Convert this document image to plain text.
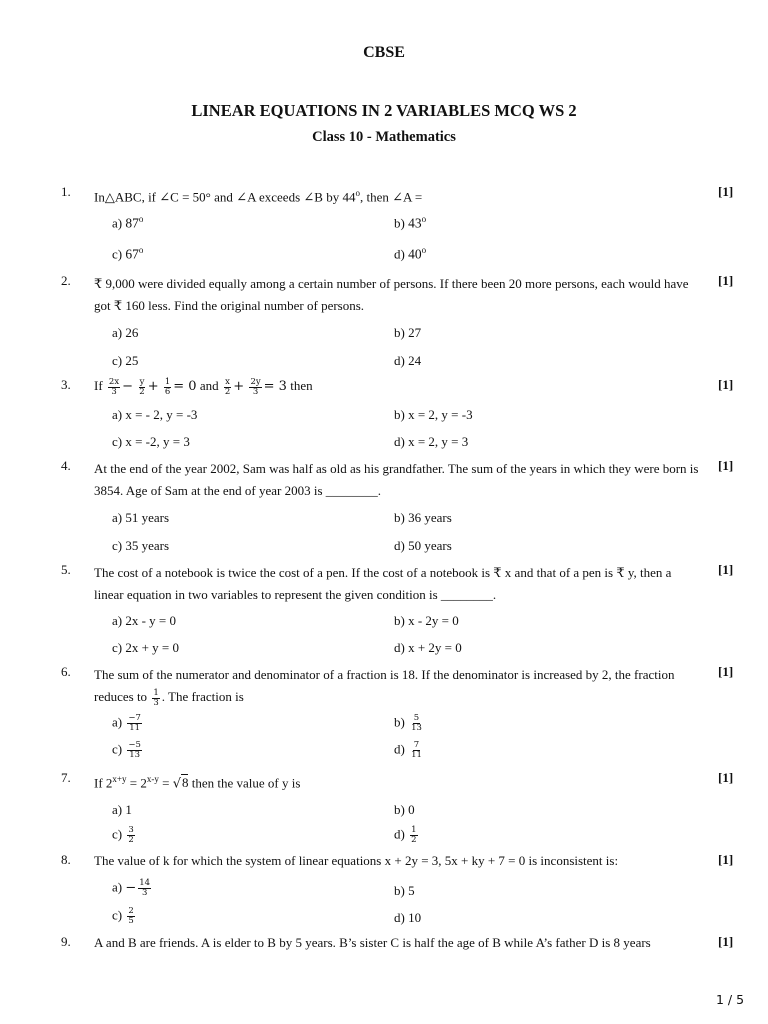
CBSE
LINEAR EQUATIONS IN 2 VARIABLES MCQ WS 2
Class 10 - Mathematics
1. In△ABC, if ∠C = 50° and ∠A exceeds ∠B by 44$^o$, then ∠A =	[1]
a) 87$^o$	b) 43$^o$
c) 67$^o$	d) 40$^o$
2. ₹ 9,000 were divided equally among a certain number of persons. If there been 20 more persons, each would have got ₹ 160 less. Find the original number of persons.
[1]
a) 26	b) 27
c) 25	d) 24
3. If $\frac{2x}{3} - \frac{y}{2} + \frac{1}{6} = 0$ and $\frac{x}{2} + \frac{2y}{3} = 3$ then	[1]
a) x = - 2, y = -3	b) x = 2, y = -3
c) x = -2, y = 3	d) x = 2, y = 3
4. At the end of the year 2002, Sam was half as old as his grandfather. The sum of the years in which they were born is 3854. Age of Sam at the end of year 2003 is ________.
[1]
a) 51 years	b) 36 years
c) 35 years	d) 50 years
5. The cost of a notebook is twice the cost of a pen. If the cost of a notebook is ₹ x and that of a pen is ₹ y, then a linear equation in two variables to represent the given condition is ________.
[1]
a) 2x - y = 0	b) x - 2y = 0
c) 2x + y = 0	d) x + 2y = 0
6. The sum of the numerator and denominator of a fraction is 18. If the denominator is increased by 2, the fraction
reduces to $\frac{1}{3}$ . The fraction is
[1]
$a) \frac{-7}{11}$	$b) \frac{5}{13}$
$c) \frac{-5}{13}$	$d) \frac{7}{11}$
7. If $2^{x+y} = 2^{x-y} = √8$ then the value of y is	[1]
a) 1	b) 0
$c) \frac{3}{2}$	$d) \frac{1}{2}$
8. The value of k for which the system of linear equations x + 2y = 3, 5x + ky + 7 = 0 is inconsistent is:	[1]
$a) - \frac{14}{3}$	b) 5
$c) \frac{2}{5}$	d) 10
9. A and B are friends. A is elder to B by 5 years. B’s sister C is half the age of B while A’s father D is 8 years	[1]
1 / 5
